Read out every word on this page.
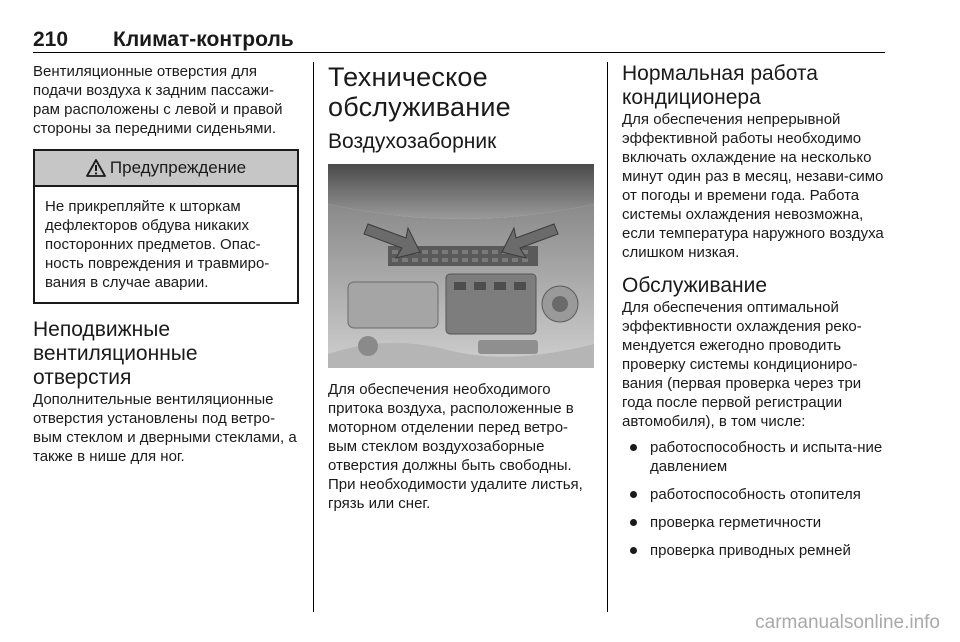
210 Климат-контроль

Вентиляционные отверстия для подачи воздуха к задним пассажи-рам расположены с левой и правой стороны за передними сиденьями.

Предупреждение

Не прикрепляйте к шторкам дефлекторов обдува никаких посторонних предметов. Опас-ность повреждения и травмиро-вания в случае аварии.

Неподвижные вентиляционные отверстия

Дополнительные вентиляционные отверстия установлены под ветро-вым стеклом и дверными стеклами, а также в нише для ног.

Техническое обслуживание
Воздухозаборник

Для обеспечения необходимого притока воздуха, расположенные в моторном отделении перед ветро-вым стеклом воздухозаборные отверстия должны быть свободны. При необходимости удалите листья, грязь или снег.

Нормальная работа кондиционера

Для обеспечения непрерывной эффективной работы необходимо включать охлаждение на несколько минут один раз в месяц, незави-симо от погоды и времени года. Работа системы охлаждения невозможна, если температура наружного воздуха слишком низкая.

Обслуживание

Для обеспечения оптимальной эффективности охлаждения реко-мендуется ежегодно проводить проверку системы кондициониро-вания (первая проверка через три года после первой регистрации автомобиля), в том числе:

работоспособность и испыта-ние давлением
работоспособность отопителя
проверка герметичности
проверка приводных ремней
carmanualsonline.info
